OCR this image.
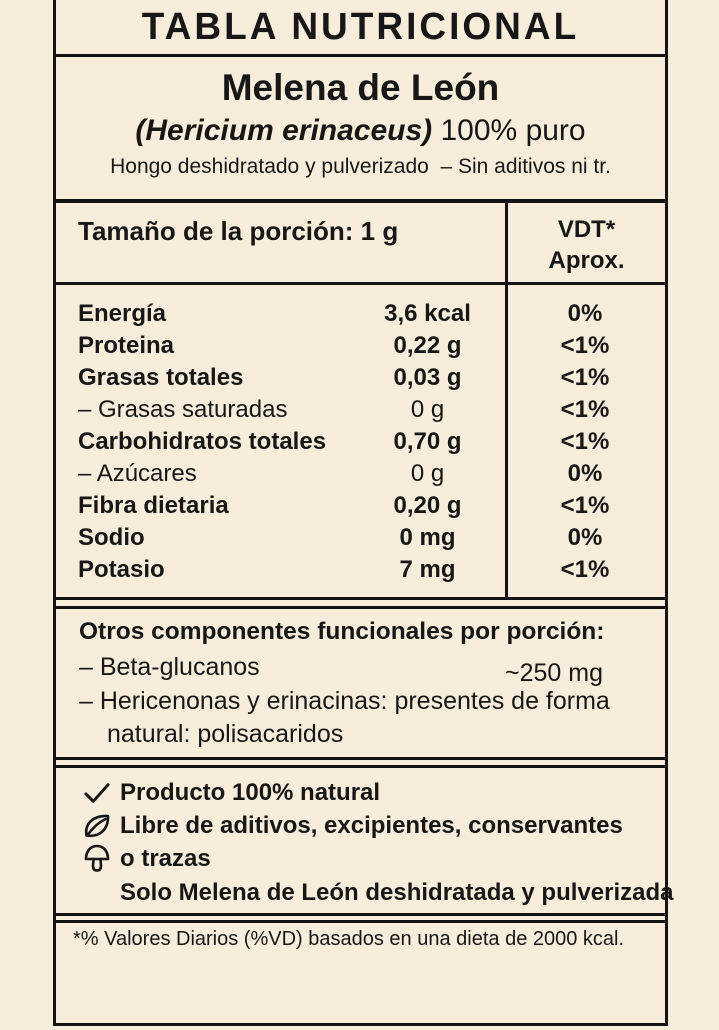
TABLA NUTRICIONAL
Melena de León
(Hericium erinaceus) 100% puro
Hongo deshidratado y pulverizado  – Sin aditivos ni tr.
Tamaño de la porción: 1 g	VDT*
Aprox.
Energía	3,6 kcal	0%
Proteina	0,22 g	<1%
Grasas totales	0,03 g	<1%
– Grasas saturadas	0 g	<1%
Carbohidratos totales	0,70 g	<1%
– Azúcares	0 g	0%
Fibra dietaria	0,20 g	<1%
Sodio	0 mg	0%
Potasio	7 mg	<1%
Otros componentes funcionales por porción:
– Beta-glucanos	~250 mg
– Hericenonas y erinacinas: presentes de forma
natural: polisacaridos
Producto 100% natural
Libre de aditivos, excipientes, conservantes
o trazas
Solo Melena de León deshidratada y pulverizada
*% Valores Diarios (%VD) basados en una dieta de 2000 kcal.
